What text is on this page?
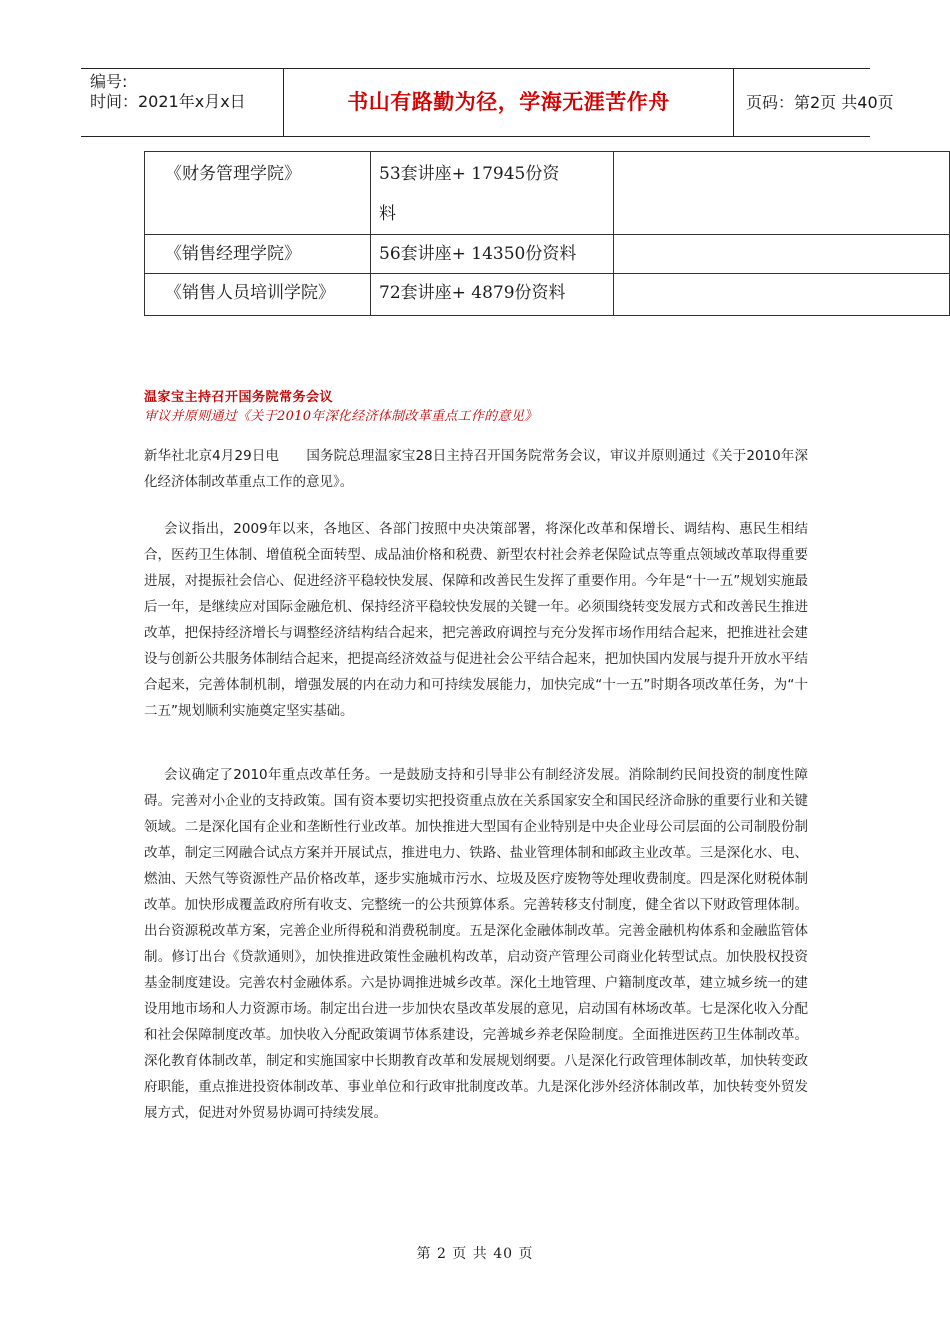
编号:
时间：2021年x月x日	书山有路勤为径，学海无涯苦作舟	页码：第2页 共40页
《财务管理学院》	53套讲座+ 17945份资
料	

《销售经理学院》	56套讲座+ 14350份资料	
《销售人员培训学院》	72套讲座+ 4879份资料	
温家宝主持召开国务院常务会议
审议并原则通过《关于2010年深化经济体制改革重点工作的意见》
新华社北京4月29日电　　国务院总理温家宝28日主持召开国务院常务会议，审议并原则通过《关于2010年深化经济体制改革重点工作的意见》。
会议指出，2009年以来，各地区、各部门按照中央决策部署，将深化改革和保增长、调结构、惠民生相结合，医药卫生体制、增值税全面转型、成品油价格和税费、新型农村社会养老保险试点等重点领域改革取得重要进展，对提振社会信心、促进经济平稳较快发展、保障和改善民生发挥了重要作用。今年是“十一五”规划实施最后一年，是继续应对国际金融危机、保持经济平稳较快发展的关键一年。必须围绕转变发展方式和改善民生推进改革，把保持经济增长与调整经济结构结合起来，把完善政府调控与充分发挥市场作用结合起来，把推进社会建设与创新公共服务体制结合起来，把提高经济效益与促进社会公平结合起来，把加快国内发展与提升开放水平结合起来，完善体制机制，增强发展的内在动力和可持续发展能力，加快完成“十一五”时期各项改革任务，为“十二五”规划顺利实施奠定坚实基础。
会议确定了2010年重点改革任务。一是鼓励支持和引导非公有制经济发展。消除制约民间投资的制度性障碍。完善对小企业的支持政策。国有资本要切实把投资重点放在关系国家安全和国民经济命脉的重要行业和关键领域。二是深化国有企业和垄断性行业改革。加快推进大型国有企业特别是中央企业母公司层面的公司制股份制改革，制定三网融合试点方案并开展试点，推进电力、铁路、盐业管理体制和邮政主业改革。三是深化水、电、燃油、天然气等资源性产品价格改革，逐步实施城市污水、垃圾及医疗废物等处理收费制度。四是深化财税体制改革。加快形成覆盖政府所有收支、完整统一的公共预算体系。完善转移支付制度，健全省以下财政管理体制。出台资源税改革方案，完善企业所得税和消费税制度。五是深化金融体制改革。完善金融机构体系和金融监管体制。修订出台《贷款通则》，加快推进政策性金融机构改革，启动资产管理公司商业化转型试点。加快股权投资基金制度建设。完善农村金融体系。六是协调推进城乡改革。深化土地管理、户籍制度改革，建立城乡统一的建设用地市场和人力资源市场。制定出台进一步加快农垦改革发展的意见，启动国有林场改革。七是深化收入分配和社会保障制度改革。加快收入分配政策调节体系建设，完善城乡养老保险制度。全面推进医药卫生体制改革。深化教育体制改革，制定和实施国家中长期教育改革和发展规划纲要。八是深化行政管理体制改革，加快转变政府职能，重点推进投资体制改革、事业单位和行政审批制度改革。九是深化涉外经济体制改革，加快转变外贸发展方式，促进对外贸易协调可持续发展。
第 2 页 共 40 页
